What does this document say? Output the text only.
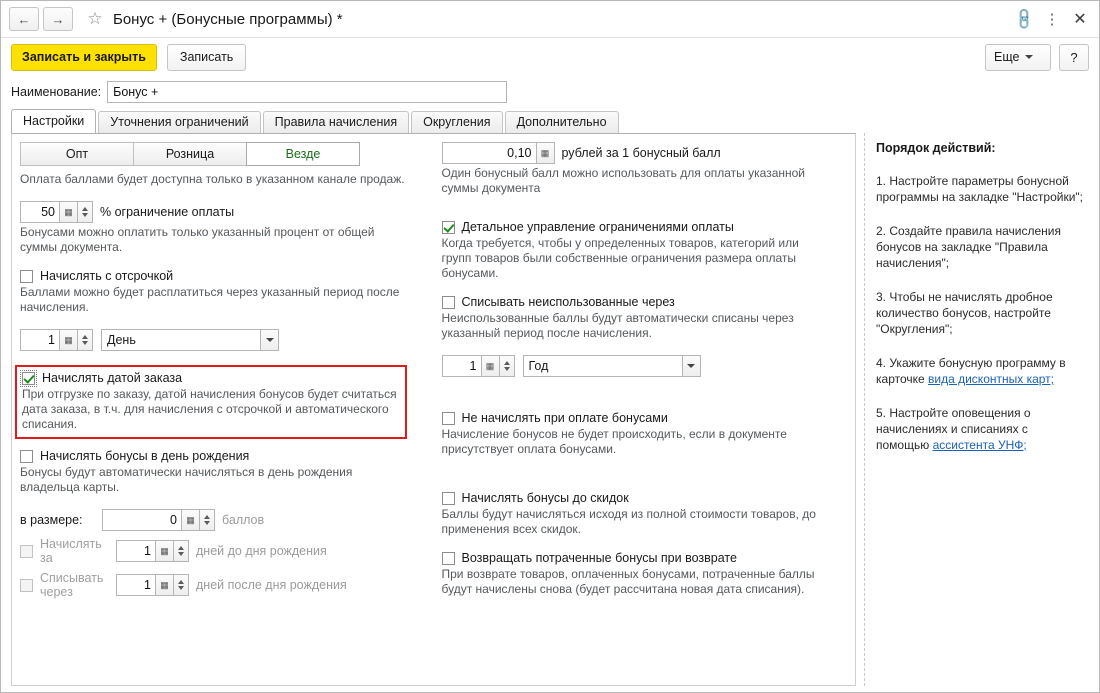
←	→	☆ Бонус + (Бонусные программы) *	🔗 ⋮ ✕
Записать и закрыть	Записать	Еще	?
Наименование:
Бонус +
Настройки	Уточнения ограничений	Правила начисления	Округления	Дополнительно
Опт	Розница	Везде
Оплата баллами будет доступна только в указанном канале продаж.
50	▦	% ограничение оплаты
Бонусами можно оплатить только указанный процент от общей суммы документа.
Начислять с отсрочкой
Баллами можно будет расплатиться через указанный период после начисления.
1	▦	День
Начислять датой заказа
При отгрузке по заказу, датой начисления бонусов будет считаться дата заказа, в т.ч. для начисления с отсрочкой и автоматического списания.
Начислять бонусы в день рождения
Бонусы будут автоматически начисляться в день рождения владельца карты.
в размере:	0	▦	баллов
Начислять за	1	▦	дней до дня рождения
Списывать через	1	▦	дней после дня рождения
0,10	▦ рублей за 1 бонусный балл
Один бонусный балл можно использовать для оплаты указанной суммы документа
Детальное управление ограничениями оплаты
Когда требуется, чтобы у определенных товаров, категорий или групп товаров были собственные ограничения размера оплаты бонусами.
Списывать неиспользованные через
Неиспользованные баллы будут автоматически списаны через указанный период после начисления.
1	▦	Год
Не начислять при оплате бонусами
Начисление бонусов не будет происходить, если в документе присутствует оплата бонусами.
Начислять бонусы до скидок
Баллы будут начисляться исходя из полной стоимости товаров, до применения всех скидок.
Возвращать потраченные бонусы при возврате
При возврате товаров, оплаченных бонусами, потраченные баллы будут начислены снова (будет рассчитана новая дата списания).
Порядок действий:
1. Настройте параметры бонусной программы на закладке "Настройки";
2. Создайте правила начисления бонусов на закладке "Правила начисления";
3. Чтобы не начислять дробное количество бонусов, настройте "Округления";
4. Укажите бонусную программу в карточке вида дисконтных карт;
5. Настройте оповещения о начислениях и списаниях с помощью ассистента УНФ;
